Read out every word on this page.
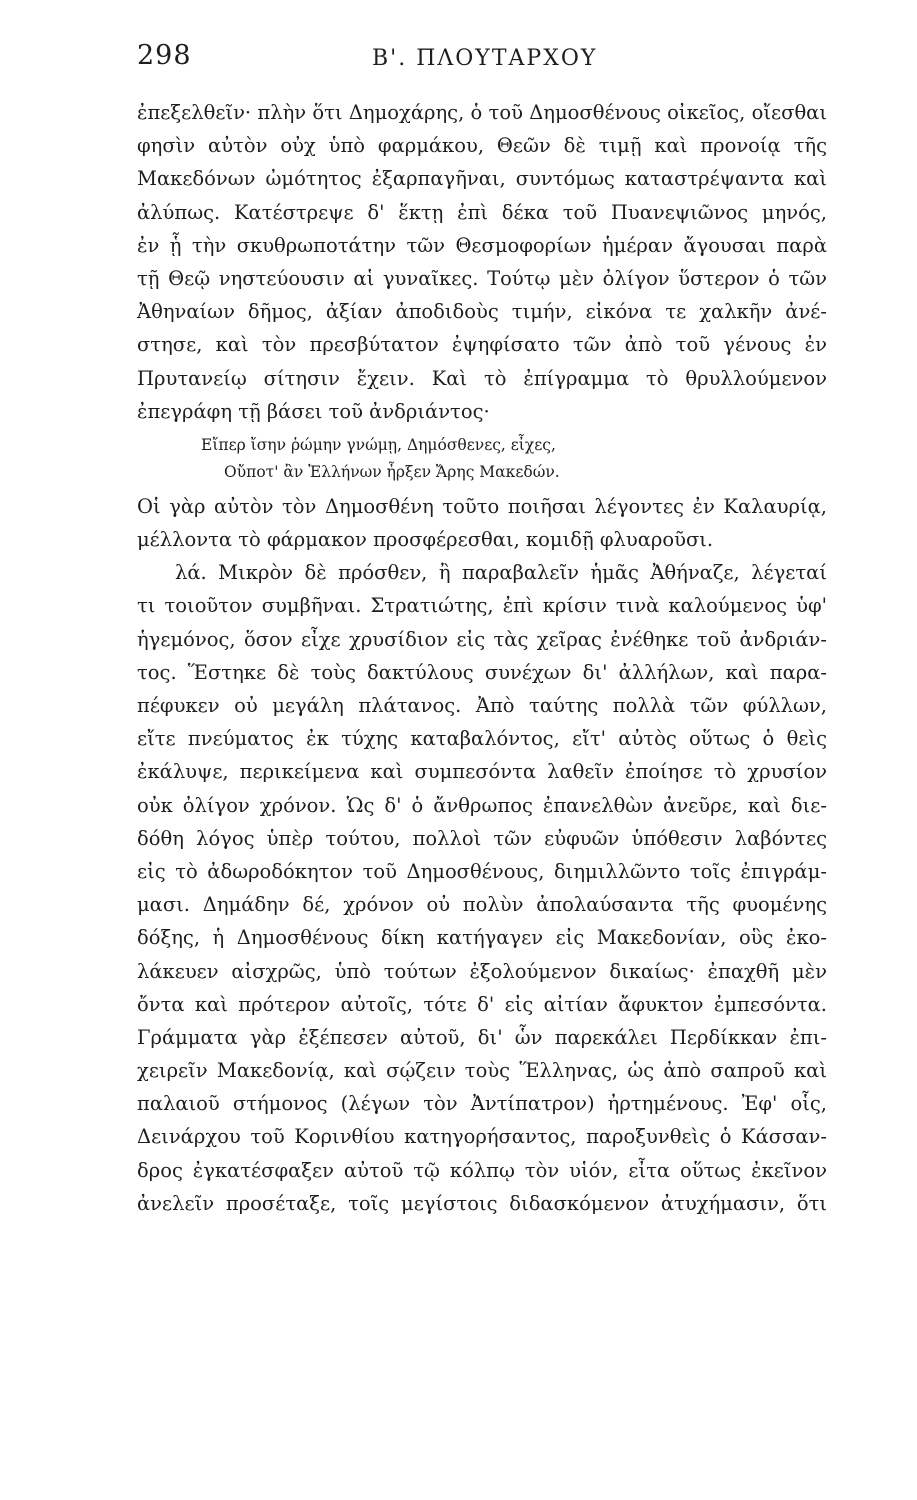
298	Β'. ΠΛΟΥΤΑΡΧΟΥ
ἐπεξελθεῖν· πλὴν ὅτι Δημοχάρης, ὁ τοῦ Δημοσθένους οἰκεῖος, οἴεσθαι
φησὶν αὐτὸν οὐχ ὑπὸ φαρμάκου, Θεῶν δὲ τιμῇ καὶ προνοίᾳ τῆς
Μακεδόνων ὠμότητος ἐξαρπαγῆναι, συντόμως καταστρέψαντα καὶ
ἀλύπως. Κατέστρεψε δ' ἕκτῃ ἐπὶ δέκα τοῦ Πυανεψιῶνος μηνός,
ἐν ᾗ τὴν σκυθρωποτάτην τῶν Θεσμοφορίων ἡμέραν ἄγουσαι παρὰ
τῇ Θεῷ νηστεύουσιν αἱ γυναῖκες. Τούτῳ μὲν ὀλίγον ὕστερον ὁ τῶν
Ἀθηναίων δῆμος, ἀξίαν ἀποδιδοὺς τιμήν, εἰκόνα τε χαλκῆν ἀνέ-
στησε, καὶ τὸν πρεσβύτατον ἐψηφίσατο τῶν ἀπὸ τοῦ γένους ἐν
Πρυτανείῳ σίτησιν ἔχειν. Καὶ τὸ ἐπίγραμμα τὸ θρυλλούμενον
ἐπεγράφη τῇ βάσει τοῦ ἀνδριάντος·
Εἴπερ ἴσην ῥώμην γνώμῃ, Δημόσθενες, εἶχες,
Οὔποτ' ἂν Ἑλλήνων ἦρξεν Ἄρης Μακεδών.
Οἱ γὰρ αὐτὸν τὸν Δημοσθένη τοῦτο ποιῆσαι λέγοντες ἐν Καλαυρίᾳ,
μέλλοντα τὸ φάρμακον προσφέρεσθαι, κομιδῇ φλυαροῦσι.
λά. Μικρὸν δὲ πρόσθεν, ἢ παραβαλεῖν ἡμᾶς Ἀθήναζε, λέγεταί
τι τοιοῦτον συμβῆναι. Στρατιώτης, ἐπὶ κρίσιν τινὰ καλούμενος ὑφ'
ἡγεμόνος, ὅσον εἶχε χρυσίδιον εἰς τὰς χεῖρας ἐνέθηκε τοῦ ἀνδριάν-
τος. Ἕστηκε δὲ τοὺς δακτύλους συνέχων δι' ἀλλήλων, καὶ παρα-
πέφυκεν οὐ μεγάλη πλάτανος. Ἀπὸ ταύτης πολλὰ τῶν φύλλων,
εἴτε πνεύματος ἐκ τύχης καταβαλόντος, εἴτ' αὐτὸς οὕτως ὁ θεὶς
ἐκάλυψε, περικείμενα καὶ συμπεσόντα λαθεῖν ἐποίησε τὸ χρυσίον
οὐκ ὀλίγον χρόνον. Ὡς δ' ὁ ἄνθρωπος ἐπανελθὼν ἀνεῦρε, καὶ διε-
δόθη λόγος ὑπὲρ τούτου, πολλοὶ τῶν εὐφυῶν ὑπόθεσιν λαβόντες
εἰς τὸ ἀδωροδόκητον τοῦ Δημοσθένους, διημιλλῶντο τοῖς ἐπιγράμ-
μασι. Δημάδην δέ, χρόνον οὐ πολὺν ἀπολαύσαντα τῆς φυομένης
δόξης, ἡ Δημοσθένους δίκη κατήγαγεν εἰς Μακεδονίαν, οὓς ἐκο-
λάκευεν αἰσχρῶς, ὑπὸ τούτων ἐξολούμενον δικαίως· ἐπαχθῆ μὲν
ὄντα καὶ πρότερον αὐτοῖς, τότε δ' εἰς αἰτίαν ἄφυκτον ἐμπεσόντα.
Γράμματα γὰρ ἐξέπεσεν αὐτοῦ, δι' ὧν παρεκάλει Περδίκκαν ἐπι-
χειρεῖν Μακεδονίᾳ, καὶ σῴζειν τοὺς Ἕλληνας, ὡς ἀπὸ σαπροῦ καὶ
παλαιοῦ στήμονος (λέγων τὸν Ἀντίπατρον) ἠρτημένους. Ἐφ' οἷς,
Δεινάρχου τοῦ Κορινθίου κατηγορήσαντος, παροξυνθεὶς ὁ Κάσσαν-
δρος ἐγκατέσφαξεν αὐτοῦ τῷ κόλπῳ τὸν υἱόν, εἶτα οὕτως ἐκεῖνον
ἀνελεῖν προσέταξε, τοῖς μεγίστοις διδασκόμενον ἀτυχήμασιν, ὅτι
